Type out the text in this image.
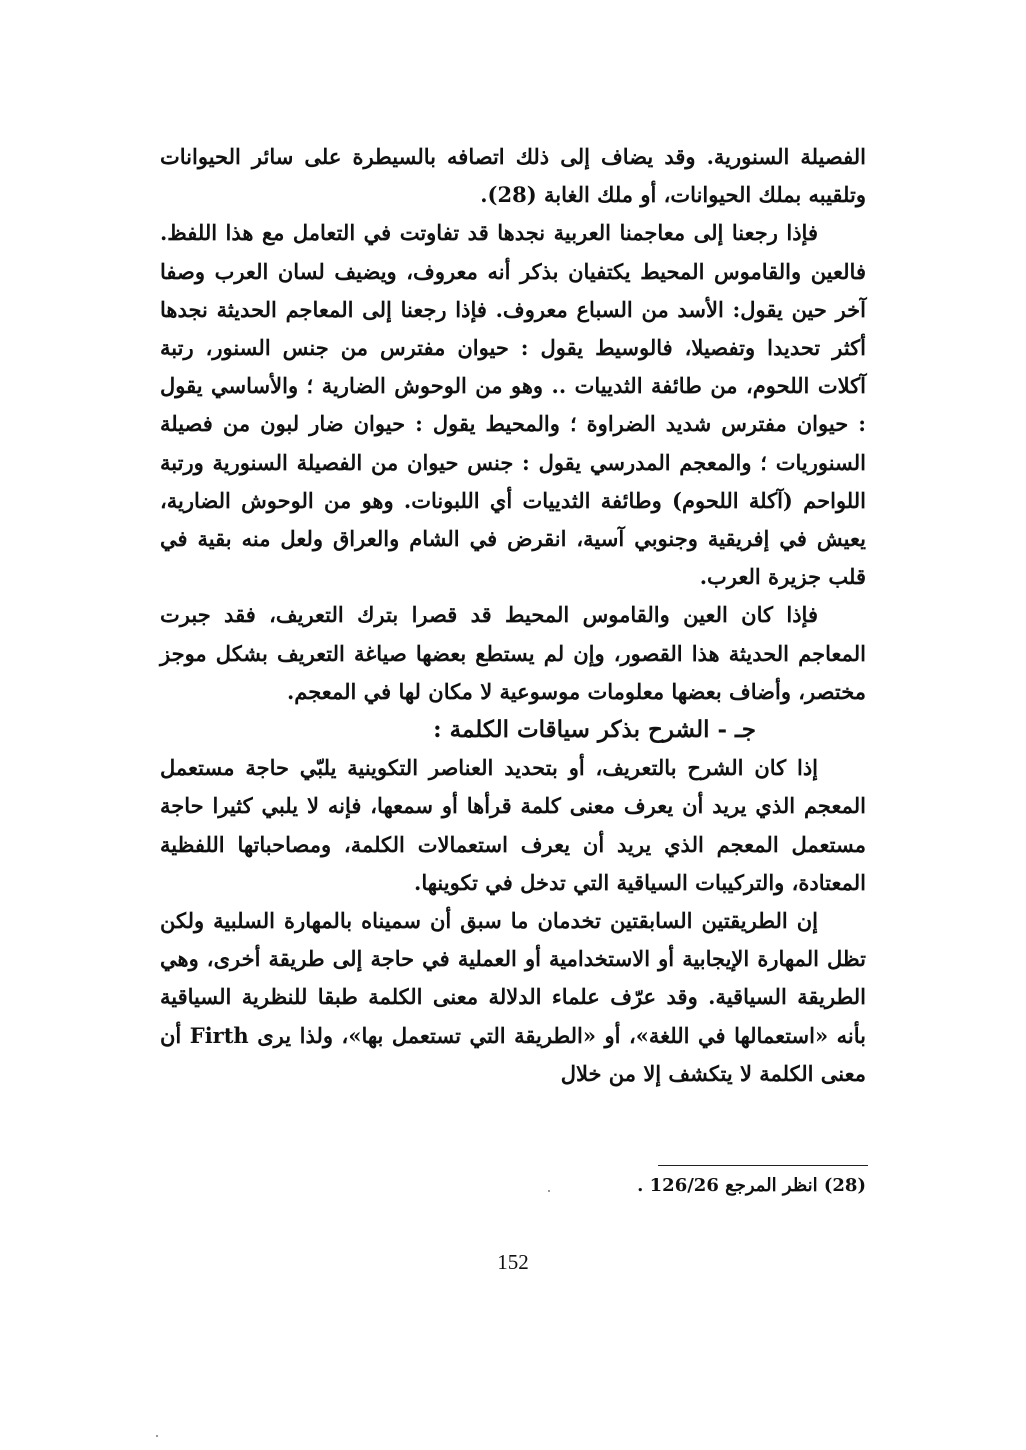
الفصيلة السنورية. وقد يضاف إلى ذلك اتصافه بالسيطرة على سائر الحيوانات وتلقيبه بملك الحيوانات، أو ملك الغابة (28).

فإذا رجعنا إلى معاجمنا العربية نجدها قد تفاوتت في التعامل مع هذا اللفظ. فالعين والقاموس المحيط يكتفيان بذكر أنه معروف، ويضيف لسان العرب وصفا آخر حين يقول: الأسد من السباع معروف. فإذا رجعنا إلى المعاجم الحديثة نجدها أكثر تحديدا وتفصيلا، فالوسيط يقول : حيوان مفترس من جنس السنور، رتبة آكلات اللحوم، من طائفة الثدييات .. وهو من الوحوش الضارية ؛ والأساسي يقول : حيوان مفترس شديد الضراوة ؛ والمحيط يقول : حيوان ضار لبون من فصيلة السنوريات ؛ والمعجم المدرسي يقول : جنس حيوان من الفصيلة السنورية ورتبة اللواحم (آكلة اللحوم) وطائفة الثدييات أي اللبونات. وهو من الوحوش الضارية، يعيش في إفريقية وجنوبي آسية، انقرض في الشام والعراق ولعل منه بقية في قلب جزيرة العرب.

فإذا كان العين والقاموس المحيط قد قصرا بترك التعريف، فقد جبرت المعاجم الحديثة هذا القصور، وإن لم يستطع بعضها صياغة التعريف بشكل موجز مختصر، وأضاف بعضها معلومات موسوعية لا مكان لها في المعجم.

جـ - الشرح بذكر سياقات الكلمة :

إذا كان الشرح بالتعريف، أو بتحديد العناصر التكوينية يلبّي حاجة مستعمل المعجم الذي يريد أن يعرف معنى كلمة قرأها أو سمعها، فإنه لا يلبي كثيرا حاجة مستعمل المعجم الذي يريد أن يعرف استعمالات الكلمة، ومصاحباتها اللفظية المعتادة، والتركيبات السياقية التي تدخل في تكوينها.

إن الطريقتين السابقتين تخدمان ما سبق أن سميناه بالمهارة السلبية ولكن تظل المهارة الإيجابية أو الاستخدامية أو العملية في حاجة إلى طريقة أخرى، وهي الطريقة السياقية. وقد عرّف علماء الدلالة معنى الكلمة طبقا للنظرية السياقية بأنه «استعمالها في اللغة»، أو «الطريقة التي تستعمل بها»، ولذا يرى Firth أن معنى الكلمة لا يتكشف إلا من خلال

(28) انظر المرجع 126/26 .
152
